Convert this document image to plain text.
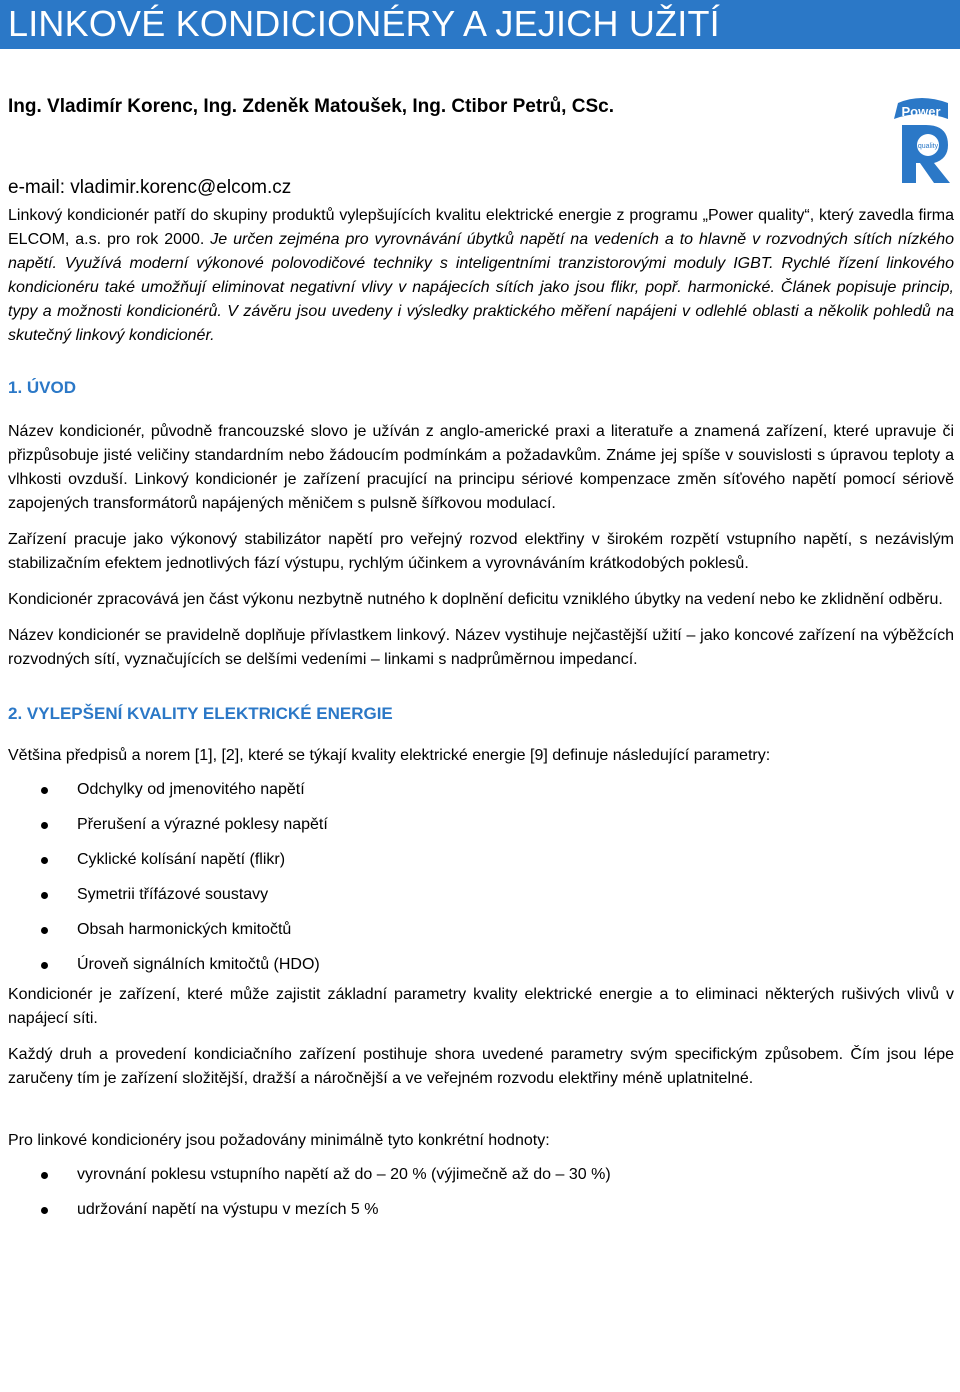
LINKOVÉ KONDICIONÉRY A JEJICH UŽITÍ
Ing. Vladimír Korenc, Ing. Zdeněk Matoušek, Ing. Ctibor Petrů, CSc.
e-mail: vladimir.korenc@elcom.cz
Power
quality

Linkový kondicionér patří do skupiny produktů vylepšujících kvalitu elektrické energie z programu „Power quality“, který zavedla firma ELCOM, a.s. pro rok 2000. Je určen zejména pro vyrovnávání úbytků napětí na vedeních a to hlavně v rozvodných sítích nízkého napětí. Využívá moderní výkonové polovodičové techniky s inteligentními tranzistorovými moduly IGBT. Rychlé řízení linkového kondicionéru také umožňují eliminovat negativní vlivy v napájecích sítích jako jsou flikr, popř. harmonické. Článek popisuje princip, typy a možnosti kondicionérů. V závěru jsou uvedeny i výsledky praktického měření napájeni v odlehlé oblasti a několik pohledů na skutečný linkový kondicionér.

1. ÚVOD

Název kondicionér, původně francouzské slovo je užíván z anglo-americké praxi a literatuře a znamená zařízení, které upravuje či přizpůsobuje jisté veličiny standardním nebo žádoucím podmínkám a požadavkům. Známe jej spíše v souvislosti s úpravou teploty a vlhkosti ovzduší. Linkový kondicionér je zařízení pracující na principu sériové kompenzace změn síťového napětí pomocí sériově zapojených transformátorů napájených měničem s pulsně šířkovou modulací.

Zařízení pracuje jako výkonový stabilizátor napětí pro veřejný rozvod elektřiny v širokém rozpětí vstupního napětí, s nezávislým stabilizačním efektem jednotlivých fází výstupu, rychlým účinkem a vyrovnáváním krátkodobých poklesů.

Kondicionér zpracovává jen část výkonu nezbytně nutného k doplnění deficitu vzniklého úbytky na vedení nebo ke zklidnění odběru.

Název kondicionér se pravidelně doplňuje přívlastkem linkový. Název vystihuje nejčastější užití – jako koncové zařízení na výběžcích rozvodných sítí, vyznačujících se delšími vedeními – linkami s nadprůměrnou impedancí.

2. VYLEPŠENÍ KVALITY ELEKTRICKÉ ENERGIE

Většina předpisů a norem [1], [2], které se týkají kvality elektrické energie [9] definuje následující parametry:

Odchylky od jmenovitého napětí
Přerušení a výrazné poklesy napětí
Cyklické kolísání napětí (flikr)
Symetrii třífázové soustavy
Obsah harmonických kmitočtů
Úroveň signálních kmitočtů (HDO)

Kondicionér je zařízení, které může zajistit základní parametry kvality elektrické energie a to eliminaci některých rušivých vlivů v napájecí síti.

Každý druh a provedení kondiciačního zařízení postihuje shora uvedené parametry svým specifickým způsobem. Čím jsou lépe zaručeny tím je zařízení složitější, dražší a náročnější a ve veřejném rozvodu elektřiny méně uplatnitelné.

Pro linkové kondicionéry jsou požadovány minimálně tyto konkrétní hodnoty:

vyrovnání poklesu vstupního napětí až do – 20 % (výjimečně až do – 30 %)
udržování napětí na výstupu v mezích 5 %
